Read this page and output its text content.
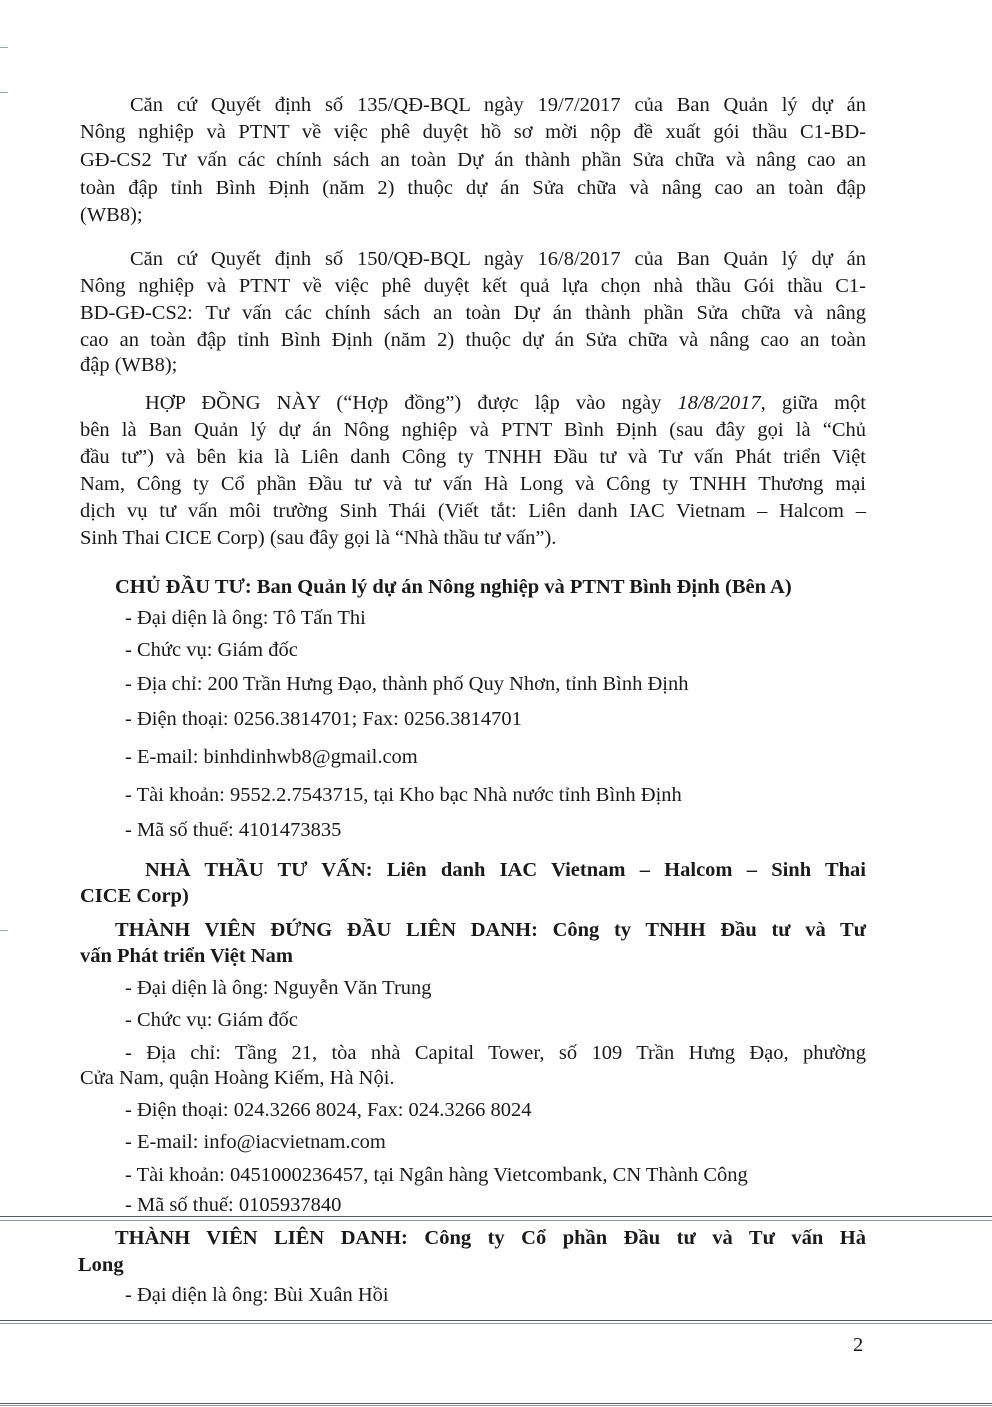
Căn cứ Quyết định số 135/QĐ-BQL ngày 19/7/2017 của Ban Quản lý dự án
Nông nghiệp và PTNT về việc phê duyệt hồ sơ mời nộp đề xuất gói thầu C1-BD-
GĐ-CS2 Tư vấn các chính sách an toàn Dự án thành phần Sửa chữa và nâng cao an
toàn đập tỉnh Bình Định (năm 2) thuộc dự án Sửa chữa và nâng cao an toàn đập
(WB8);
Căn cứ Quyết định số 150/QĐ-BQL ngày 16/8/2017 của Ban Quản lý dự án
Nông nghiệp và PTNT về việc phê duyệt kết quả lựa chọn nhà thầu Gói thầu C1-
BD-GĐ-CS2: Tư vấn các chính sách an toàn Dự án thành phần Sửa chữa và nâng
cao an toàn đập tỉnh Bình Định (năm 2) thuộc dự án Sửa chữa và nâng cao an toàn
đập (WB8);
HỢP ĐỒNG NÀY (“Hợp đồng”) được lập vào ngày 18/8/2017, giữa một
bên là Ban Quản lý dự án Nông nghiệp và PTNT Bình Định (sau đây gọi là “Chủ
đầu tư”) và bên kia là Liên danh Công ty TNHH Đầu tư và Tư vấn Phát triển Việt
Nam, Công ty Cổ phần Đầu tư và tư vấn Hà Long và Công ty TNHH Thương mại
dịch vụ tư vấn môi trường Sinh Thái (Viết tắt: Liên danh IAC Vietnam – Halcom –
Sinh Thai CICE Corp) (sau đây gọi là “Nhà thầu tư vấn”).
CHỦ ĐẦU TƯ: Ban Quản lý dự án Nông nghiệp và PTNT Bình Định (Bên A)
- Đại diện là ông: Tô Tấn Thi
- Chức vụ: Giám đốc
- Địa chỉ: 200 Trần Hưng Đạo, thành phố Quy Nhơn, tỉnh Bình Định
- Điện thoại: 0256.3814701; Fax: 0256.3814701
- E-mail: binhdinhwb8@gmail.com
- Tài khoản: 9552.2.7543715, tại Kho bạc Nhà nước tỉnh Bình Định
- Mã số thuế: 4101473835
NHÀ THẦU TƯ VẤN: Liên danh IAC Vietnam – Halcom – Sinh Thai
CICE Corp)
THÀNH VIÊN ĐỨNG ĐẦU LIÊN DANH: Công ty TNHH Đầu tư và Tư
vấn Phát triển Việt Nam
- Đại diện là ông: Nguyễn Văn Trung
- Chức vụ: Giám đốc
- Địa chỉ: Tầng 21, tòa nhà Capital Tower, số 109 Trần Hưng Đạo, phường
Cửa Nam, quận Hoàng Kiếm, Hà Nội.
- Điện thoại: 024.3266 8024, Fax: 024.3266 8024
- E-mail: info@iacvietnam.com
- Tài khoản: 0451000236457, tại Ngân hàng Vietcombank, CN Thành Công
- Mã số thuế: 0105937840
THÀNH VIÊN LIÊN DANH: Công ty Cổ phần Đầu tư và Tư vấn Hà
Long
- Đại diện là ông: Bùi Xuân Hồi
2
